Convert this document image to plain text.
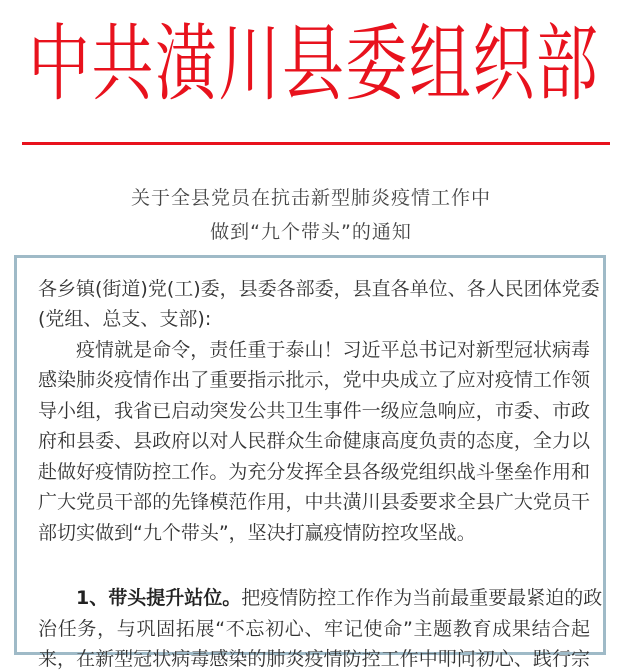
中 共 潢 川 县 委 组 织 部
关于全县党员在抗击新型肺炎疫情工作中
做到“九个带头”的通知
各乡镇(街道)党(工)委，县委各部委，县直各单位、各人民团体党委
(党组、总支、支部):
疫情就是命令，责任重于泰山！习近平总书记对新型冠状病毒
感染肺炎疫情作出了重要指示批示，党中央成立了应对疫情工作领
导小组，我省已启动突发公共卫生事件一级应急响应，市委、市政
府和县委、县政府以对人民群众生命健康高度负责的态度，全力以
赴做好疫情防控工作。为充分发挥全县各级党组织战斗堡垒作用和
广大党员干部的先锋模范作用，中共潢川县委要求全县广大党员干
部切实做到“九个带头”，坚决打赢疫情防控攻坚战。
1、带头提升站位。 把疫情防控工作作为当前最重要最紧迫的政
治任务，与巩固拓展“不忘初心、牢记使命”主题教育成果结合起
来，在新型冠状病毒感染的肺炎疫情防控工作中叩问初心、践行宗
